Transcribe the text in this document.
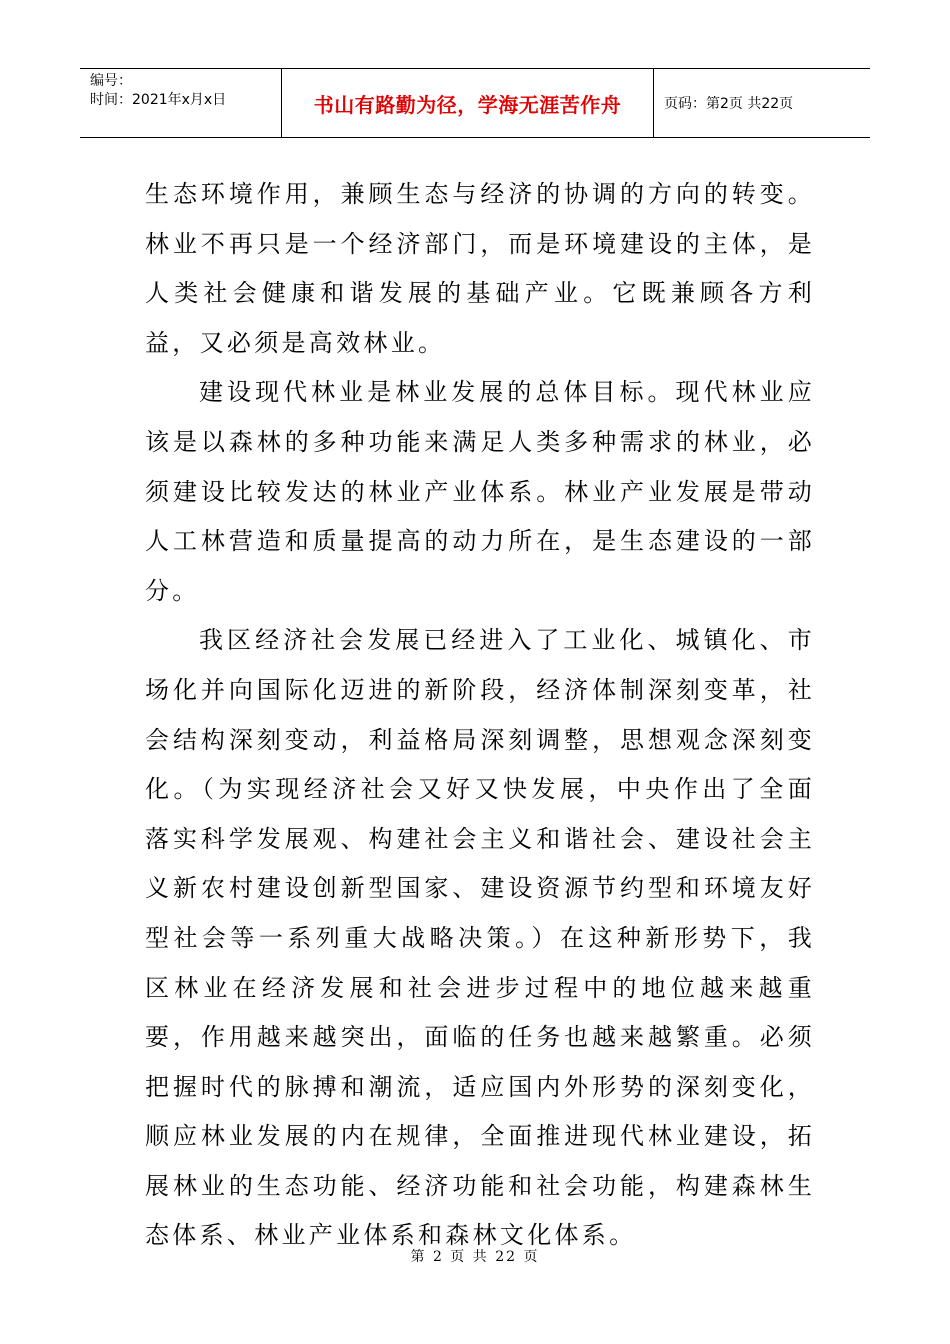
编号：
时间：2021年x月x日	书山有路勤为径，学海无涯苦作舟	页码：第2页 共22页

生态环境作用，兼顾生态与经济的协调的方向的转变。林业不再只是一个经济部门，而是环境建设的主体，是人类社会健康和谐发展的基础产业。它既兼顾各方利益，又必须是高效林业。

建设现代林业是林业发展的总体目标。现代林业应该是以森林的多种功能来满足人类多种需求的林业，必须建设比较发达的林业产业体系。林业产业发展是带动人工林营造和质量提高的动力所在，是生态建设的一部分。

我区经济社会发展已经进入了工业化、城镇化、市场化并向国际化迈进的新阶段，经济体制深刻变革，社会结构深刻变动，利益格局深刻调整，思想观念深刻变化。（为实现经济社会又好又快发展，中央作出了全面落实科学发展观、构建社会主义和谐社会、建设社会主义新农村建设创新型国家、建设资源节约型和环境友好型社会等一系列重大战略决策。）在这种新形势下，我区林业在经济发展和社会进步过程中的地位越来越重要，作用越来越突出，面临的任务也越来越繁重。必须把握时代的脉搏和潮流，适应国内外形势的深刻变化，顺应林业发展的内在规律，全面推进现代林业建设，拓展林业的生态功能、经济功能和社会功能，构建森林生态体系、林业产业体系和森林文化体系。

第 2 页 共 22 页
